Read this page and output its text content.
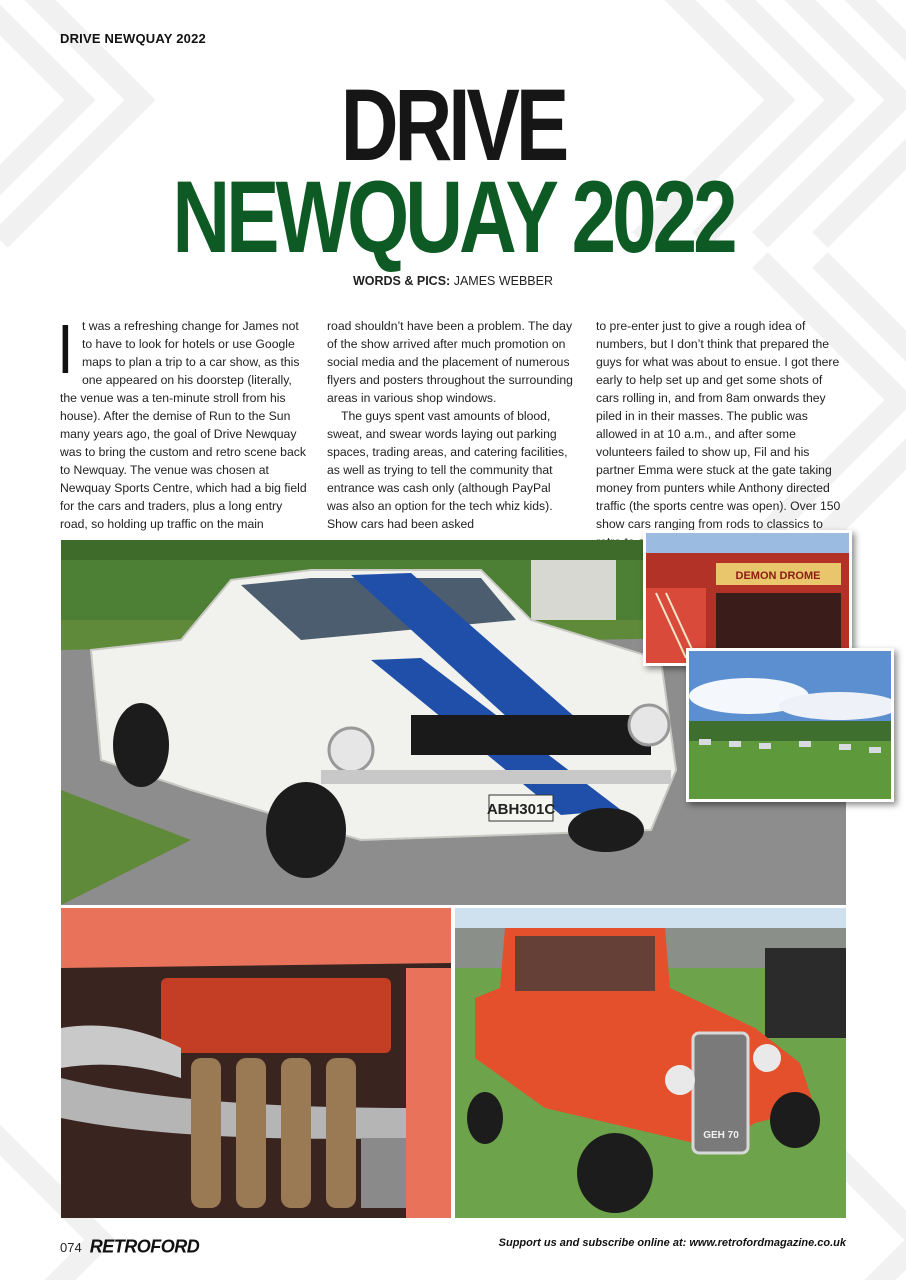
DRIVE NEWQUAY 2022
DRIVE
NEWQUAY 2022
WORDS & PICS: JAMES WEBBER
I t was a refreshing change for James not to have to look for hotels or use Google maps to plan a trip to a car show, as this one appeared on his doorstep (literally, the venue was a ten-minute stroll from his house). After the demise of Run to the Sun many years ago, the goal of Drive Newquay was to bring the custom and retro scene back to Newquay. The venue was chosen at Newquay Sports Centre, which had a big field for the cars and traders, plus a long entry road, so holding up traffic on the main

road shouldn’t have been a problem. The day of the show arrived after much promotion on social media and the placement of numerous flyers and posters throughout the surrounding areas in various shop windows.

The guys spent vast amounts of blood, sweat, and swear words laying out parking spaces, trading areas, and catering facilities, as well as trying to tell the community that entrance was cash only (although PayPal was also an option for the tech whiz kids). Show cars had been asked

to pre-enter just to give a rough idea of numbers, but I don’t think that prepared the guys for what was about to ensue. I got there early to help set up and get some shots of cars rolling in, and from 8am onwards they piled in in their masses. The public was allowed in at 10 a.m., and after some volunteers failed to show up, Fil and his partner Emma were stuck at the gate taking money from punters while Anthony directed traffic (the sports centre was open). Over 150 show cars ranging from rods to classics to

ABH301C
GEH 70
DEMON DROME
074 RETROFORD	Support us and subscribe online at: www.retrofordmagazine.co.uk
